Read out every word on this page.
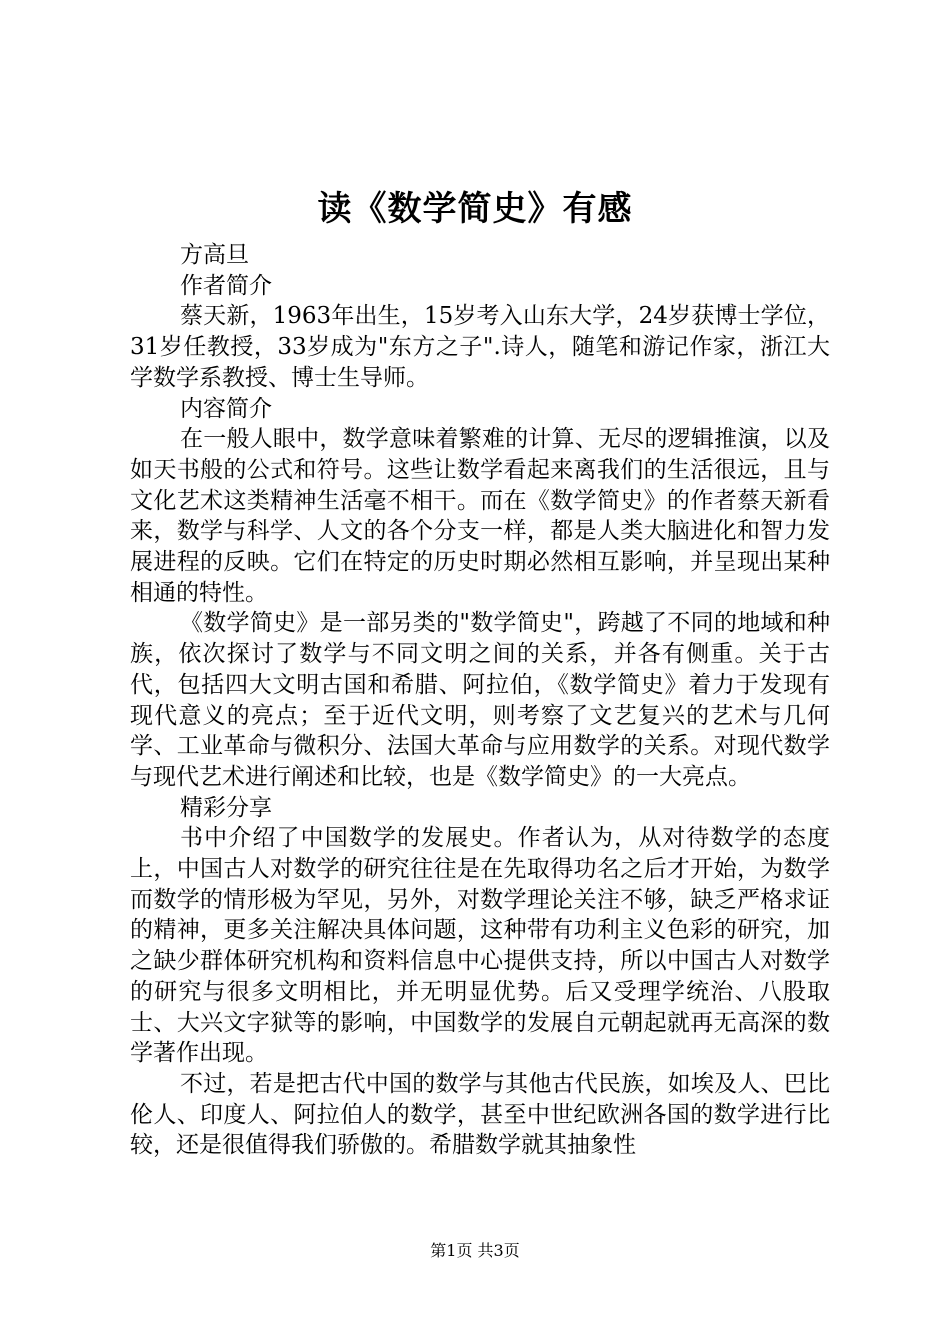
读《数学简史》有感

方高旦

作者简介

蔡天新，1963年出生，15岁考入山东大学，24岁获博士学位，31岁任教授，33岁成为"东方之子".诗人，随笔和游记作家，浙江大学数学系教授、博士生导师。

内容简介

在一般人眼中，数学意味着繁难的计算、无尽的逻辑推演，以及如天书般的公式和符号。这些让数学看起来离我们的生活很远，且与文化艺术这类精神生活毫不相干。而在《数学简史》的作者蔡天新看来，数学与科学、人文的各个分支一样，都是人类大脑进化和智力发展进程的反映。它们在特定的历史时期必然相互影响，并呈现出某种相通的特性。

《数学简史》是一部另类的"数学简史"，跨越了不同的地域和种族，依次探讨了数学与不同文明之间的关系，并各有侧重。关于古代，包括四大文明古国和希腊、阿拉伯，《数学简史》着力于发现有现代意义的亮点；至于近代文明，则考察了文艺复兴的艺术与几何学、工业革命与微积分、法国大革命与应用数学的关系。对现代数学与现代艺术进行阐述和比较，也是《数学简史》的一大亮点。

精彩分享

书中介绍了中国数学的发展史。作者认为，从对待数学的态度上，中国古人对数学的研究往往是在先取得功名之后才开始，为数学而数学的情形极为罕见，另外，对数学理论关注不够，缺乏严格求证的精神，更多关注解决具体问题，这种带有功利主义色彩的研究，加之缺少群体研究机构和资料信息中心提供支持，所以中国古人对数学的研究与很多文明相比，并无明显优势。后又受理学统治、八股取士、大兴文字狱等的影响，中国数学的发展自元朝起就再无高深的数学著作出现。

不过，若是把古代中国的数学与其他古代民族，如埃及人、巴比伦人、印度人、阿拉伯人的数学，甚至中世纪欧洲各国的数学进行比较，还是很值得我们骄傲的。希腊数学就其抽象性

第1页 共3页
